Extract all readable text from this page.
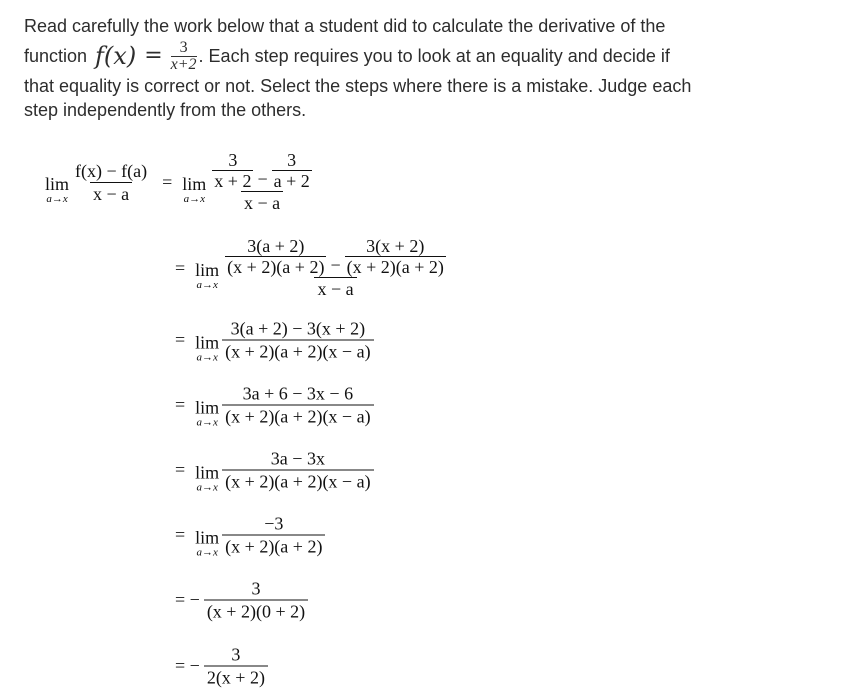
Read carefully the work below that a student did to calculate the derivative of the
function $f(x) = \frac{3}{x+2}$ . Each step requires you to look at an equality and decide if
that equality is correct or not. Select the steps where there is a mistake. Judge each
step independently from the others.
lim
$a\to x \frac{f(x) - f(a)}{x - a} = \lim$
$a\to x \frac{\frac{3}{x + 2} - \frac{3}{a + 2}}{x - a}$
= lim
$a\to x \frac{\frac{3(a + 2)}{(x + 2)(a + 2)} - \frac{3(x + 2)}{(x + 2)(a + 2)}}{x - a}$
= lim
$a\to x \frac{3(a + 2) - 3(x + 2)}{(x + 2)(a + 2)(x - a)}$
= lim
$a\to x \frac{3a + 6 - 3x - 6}{(x + 2)(a + 2)(x - a)}$
= lim
$a\to x \frac{3a - 3x}{(x + 2)(a + 2)(x - a)}$
= lim
$a\to x \frac{-3}{(x + 2)(a + 2)}$
= − $\frac{3}{(x + 2)(0 + 2)}$
= − $\frac{3}{2(x + 2)}$
